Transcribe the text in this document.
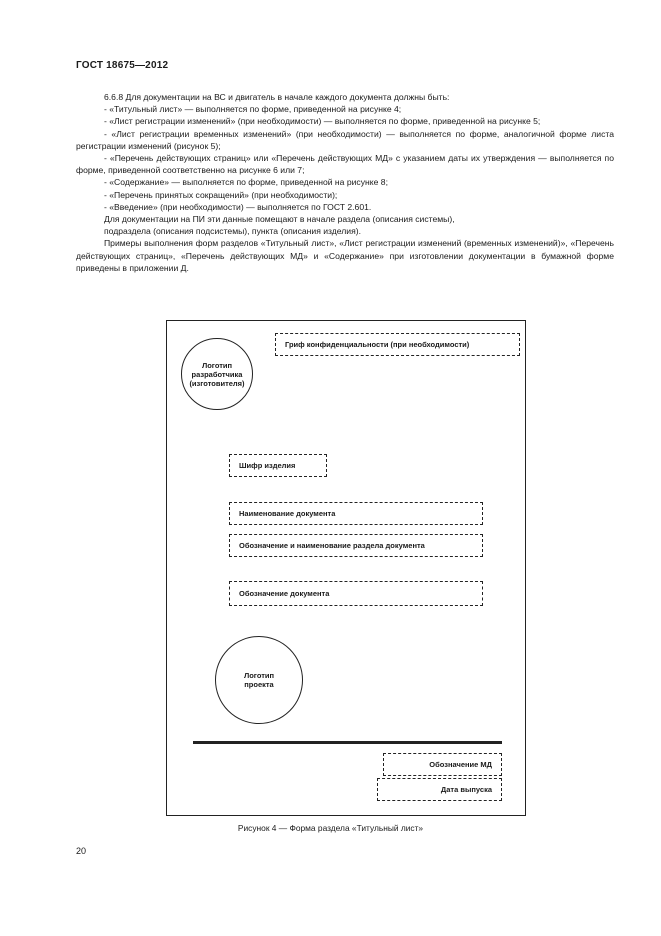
ГОСТ 18675—2012
6.6.8 Для документации на ВС и двигатель в начале каждого документа должны быть:
- «Титульный лист» — выполняется по форме, приведенной на рисунке 4;
- «Лист регистрации изменений» (при необходимости) — выполняется по форме, приведенной на рисунке 5;
- «Лист регистрации временных изменений» (при необходимости) — выполняется по форме, аналогичной форме листа регистрации изменений (рисунок 5);
- «Перечень действующих страниц» или «Перечень действующих МД» с указанием даты их утверждения — выполняется по форме, приведенной соответственно на рисунке 6 или 7;
- «Содержание» — выполняется по форме, приведенной на рисунке 8;
- «Перечень принятых сокращений» (при необходимости);
- «Введение» (при необходимости) — выполняется по ГОСТ 2.601.
Для документации на ПИ эти данные помещают в начале раздела (описания системы),
подраздела (описания подсистемы), пункта (описания изделия).
Примеры выполнения форм разделов «Титульный лист», «Лист регистрации изменений (временных изменений)», «Перечень действующих страниц», «Перечень действующих МД» и «Содержание» при изготовлении документации в бумажной форме приведены в приложении Д.
Гриф конфиденциальности (при необходимости)
Логотип
разработчика
(изготовителя)
Шифр изделия
Наименование документа
Обозначение и наименование раздела документа
Обозначение документа
Логотип
проекта
Обозначение МД
Дата выпуска
Рисунок 4 — Форма раздела «Титульный лист»
20
